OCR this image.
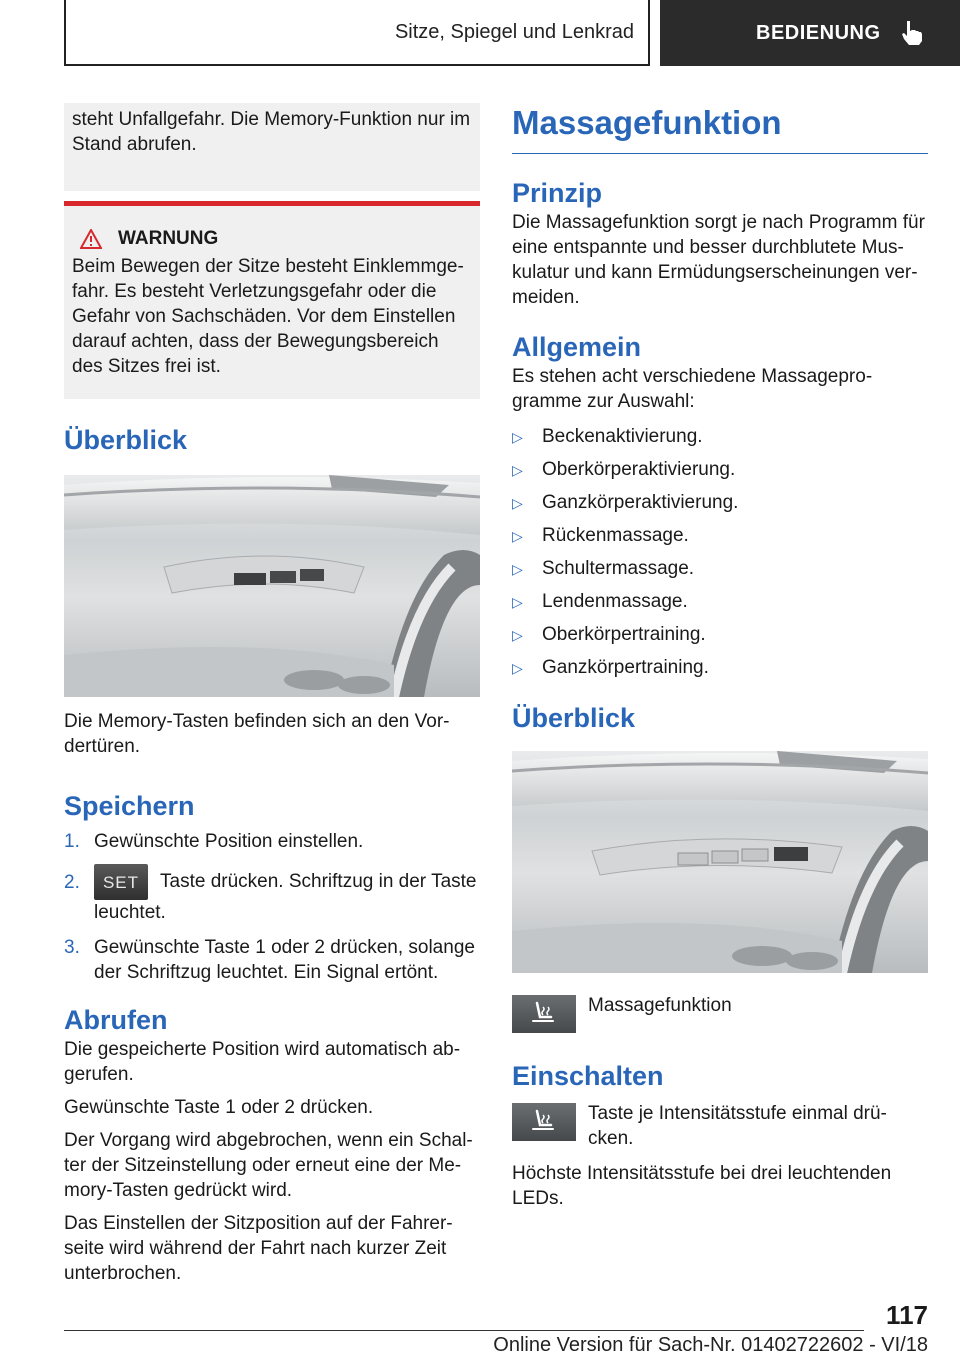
Sitze, Spiegel und Lenkrad	BEDIENUNG

steht Unfallgefahr. Die Memory-Funktion nur im Stand abrufen.

WARNUNG

Beim Bewegen der Sitze besteht Einklemmge-fahr. Es besteht Verletzungsgefahr oder die Gefahr von Sachschäden. Vor dem Einstellen darauf achten, dass der Bewegungsbereich des Sitzes frei ist.

Überblick

Die Memory-Tasten befinden sich an den Vor-dertüren.

Speichern
1. Gewünschte Position einstellen.
2.	SET Taste drücken. Schriftzug in der Taste leuchtet.
3. Gewünschte Taste 1 oder 2 drücken, solange der Schriftzug leuchtet. Ein Signal ertönt.
Abrufen

Die gespeicherte Position wird automatisch ab-gerufen.

Gewünschte Taste 1 oder 2 drücken.

Der Vorgang wird abgebrochen, wenn ein Schal-ter der Sitzeinstellung oder erneut eine der Me-mory-Tasten gedrückt wird.

Das Einstellen der Sitzposition auf der Fahrer-seite wird während der Fahrt nach kurzer Zeit unterbrochen.

Massagefunktion
Prinzip

Die Massagefunktion sorgt je nach Programm für eine entspannte und besser durchblutete Mus-kulatur und kann Ermüdungserscheinungen ver-meiden.

Allgemein

Es stehen acht verschiedene Massagepro-gramme zur Auswahl:

▷	Beckenaktivierung.
▷	Oberkörperaktivierung.
▷	Ganzkörperaktivierung.
▷	Rückenmassage.
▷	Schultermassage.
▷	Lendenmassage.
▷	Oberkörpertraining.
▷	Ganzkörpertraining.
Überblick

Massagefunktion

Einschalten

Taste je Intensitätsstufe einmal drü-cken.

Höchste Intensitätsstufe bei drei leuchtenden LEDs.

117
Online Version für Sach-Nr. 01402722602 - VI/18
